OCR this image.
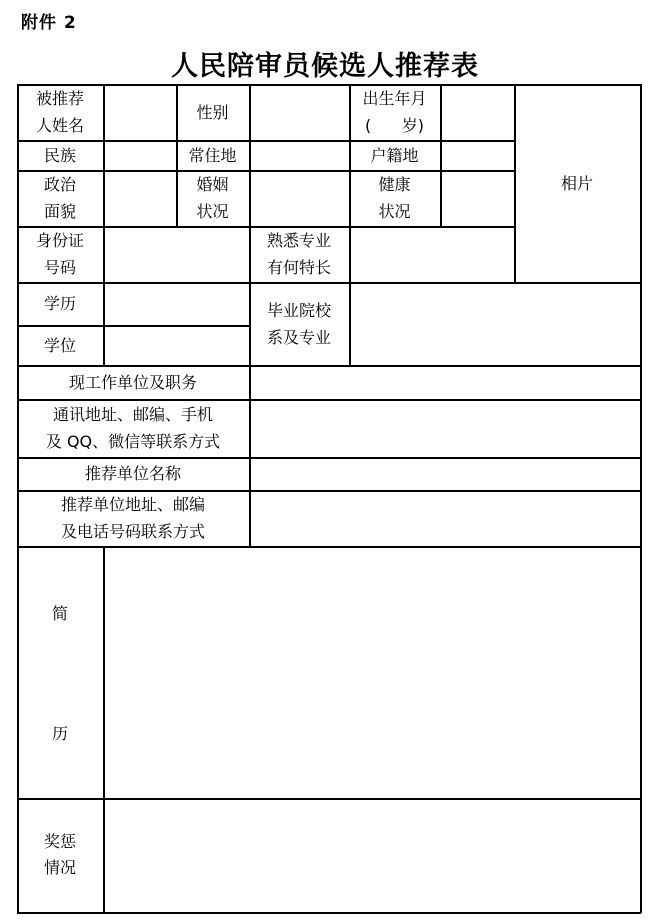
附件 2
人民陪审员候选人推荐表
被推荐
人姓名
性别
出生年月
(      岁)
相片
民族	常住地	户籍地
政治
面貌
婚姻
状况
健康
状况
身份证
号码
熟悉专业
有何特长
学历
学位
毕业院校
系及专业
现工作单位及职务
通讯地址、邮编、手机
及 QQ、微信等联系方式
推荐单位名称
推荐单位地址、邮编
及电话号码联系方式
简
历
奖惩
情况
